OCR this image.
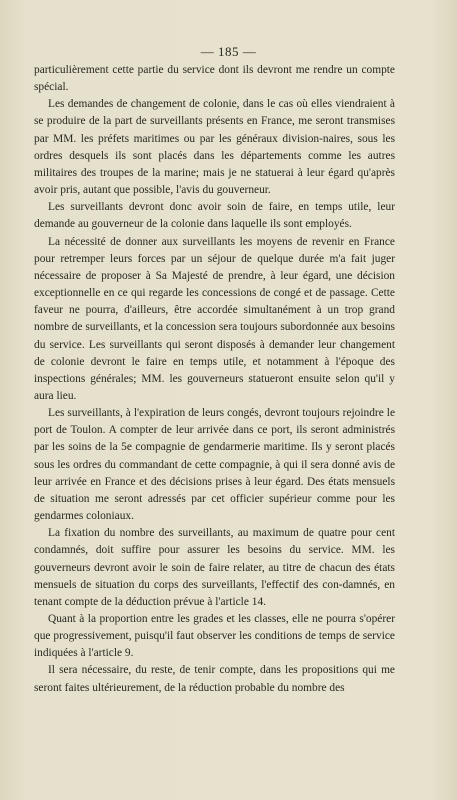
— 185 —

particulièrement cette partie du service dont ils devront me rendre un compte spécial.

Les demandes de changement de colonie, dans le cas où elles viendraient à se produire de la part de surveillants présents en France, me seront transmises par MM. les préfets maritimes ou par les généraux division-naires, sous les ordres desquels ils sont placés dans les départements comme les autres militaires des troupes de la marine; mais je ne statuerai à leur égard qu'après avoir pris, autant que possible, l'avis du gouverneur.

Les surveillants devront donc avoir soin de faire, en temps utile, leur demande au gouverneur de la colonie dans laquelle ils sont employés.

La nécessité de donner aux surveillants les moyens de revenir en France pour retremper leurs forces par un séjour de quelque durée m'a fait juger nécessaire de proposer à Sa Majesté de prendre, à leur égard, une décision exceptionnelle en ce qui regarde les concessions de congé et de passage. Cette faveur ne pourra, d'ailleurs, être accordée simultanément à un trop grand nombre de surveillants, et la concession sera toujours subordonnée aux besoins du service. Les surveillants qui seront disposés à demander leur changement de colonie devront le faire en temps utile, et notamment à l'époque des inspections générales; MM. les gouverneurs statueront ensuite selon qu'il y aura lieu.

Les surveillants, à l'expiration de leurs congés, devront toujours rejoindre le port de Toulon. A compter de leur arrivée dans ce port, ils seront administrés par les soins de la 5e compagnie de gendarmerie maritime. Ils y seront placés sous les ordres du commandant de cette compagnie, à qui il sera donné avis de leur arrivée en France et des décisions prises à leur égard. Des états mensuels de situation me seront adressés par cet officier supérieur comme pour les gendarmes coloniaux.

La fixation du nombre des surveillants, au maximum de quatre pour cent condamnés, doit suffire pour assurer les besoins du service. MM. les gouverneurs devront avoir le soin de faire relater, au titre de chacun des états mensuels de situation du corps des surveillants, l'effectif des con-damnés, en tenant compte de la déduction prévue à l'article 14.

Quant à la proportion entre les grades et les classes, elle ne pourra s'opérer que progressivement, puisqu'il faut observer les conditions de temps de service indiquées à l'article 9.

Il sera nécessaire, du reste, de tenir compte, dans les propositions qui me seront faites ultérieurement, de la réduction probable du nombre des
